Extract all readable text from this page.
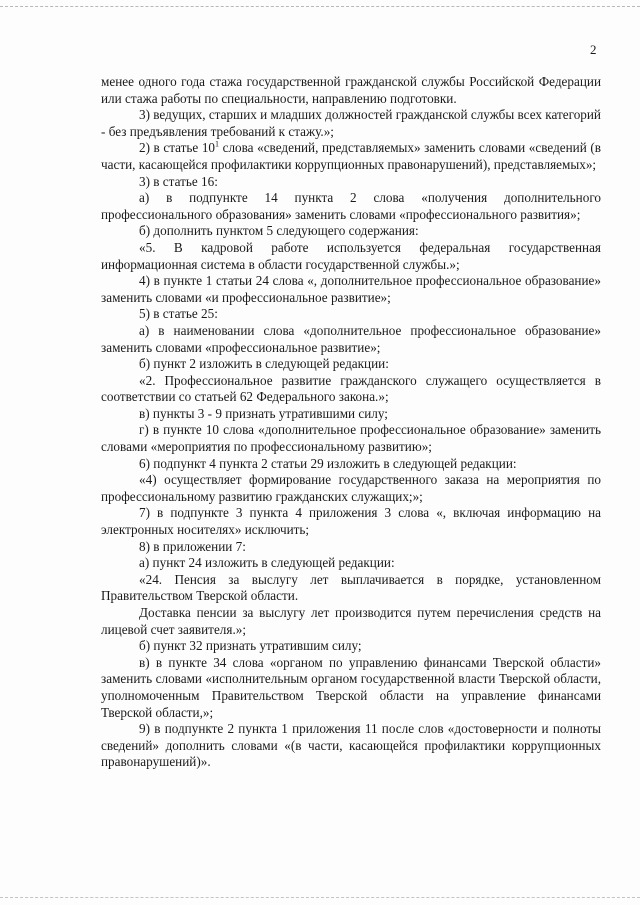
2

менее одного года стажа государственной гражданской службы Российской Федерации или стажа работы по специальности, направлению подготовки.

3) ведущих, старших и младших должностей гражданской службы всех категорий - без предъявления требований к стажу.»;

2) в статье $10^1$ слова «сведений, представляемых» заменить словами «сведений (в части, касающейся профилактики коррупционных правонарушений), представляемых»;

3) в статье 16:

а) в подпункте 14 пункта 2 слова «получения дополнительного профессионального образования» заменить словами «профессионального развития»;

б) дополнить пунктом 5 следующего содержания:

«5. В кадровой работе используется федеральная государственная информационная система в области государственной службы.»;

4) в пункте 1 статьи 24 слова «, дополнительное профессиональное образование» заменить словами «и профессиональное развитие»;

5) в статье 25:

а) в наименовании слова «дополнительное профессиональное образование» заменить словами «профессиональное развитие»;

б) пункт 2 изложить в следующей редакции:

«2. Профессиональное развитие гражданского служащего осуществляется в соответствии со статьей 62 Федерального закона.»;

в) пункты 3 - 9 признать утратившими силу;

г) в пункте 10 слова «дополнительное профессиональное образование» заменить словами «мероприятия по профессиональному развитию»;

6) подпункт 4 пункта 2 статьи 29 изложить в следующей редакции:

«4) осуществляет формирование государственного заказа на мероприятия по профессиональному развитию гражданских служащих;»;

7) в подпункте 3 пункта 4 приложения 3 слова «, включая информацию на электронных носителях» исключить;

8) в приложении 7:

а) пункт 24 изложить в следующей редакции:

«24. Пенсия за выслугу лет выплачивается в порядке, установленном Правительством Тверской области.

Доставка пенсии за выслугу лет производится путем перечисления средств на лицевой счет заявителя.»;

б) пункт 32 признать утратившим силу;

в) в пункте 34 слова «органом по управлению финансами Тверской области» заменить словами «исполнительным органом государственной власти Тверской области, уполномоченным Правительством Тверской области на управление финансами Тверской области,»;

9) в подпункте 2 пункта 1 приложения 11 после слов «достоверности и полноты сведений» дополнить словами «(в части, касающейся профилактики коррупционных правонарушений)».
